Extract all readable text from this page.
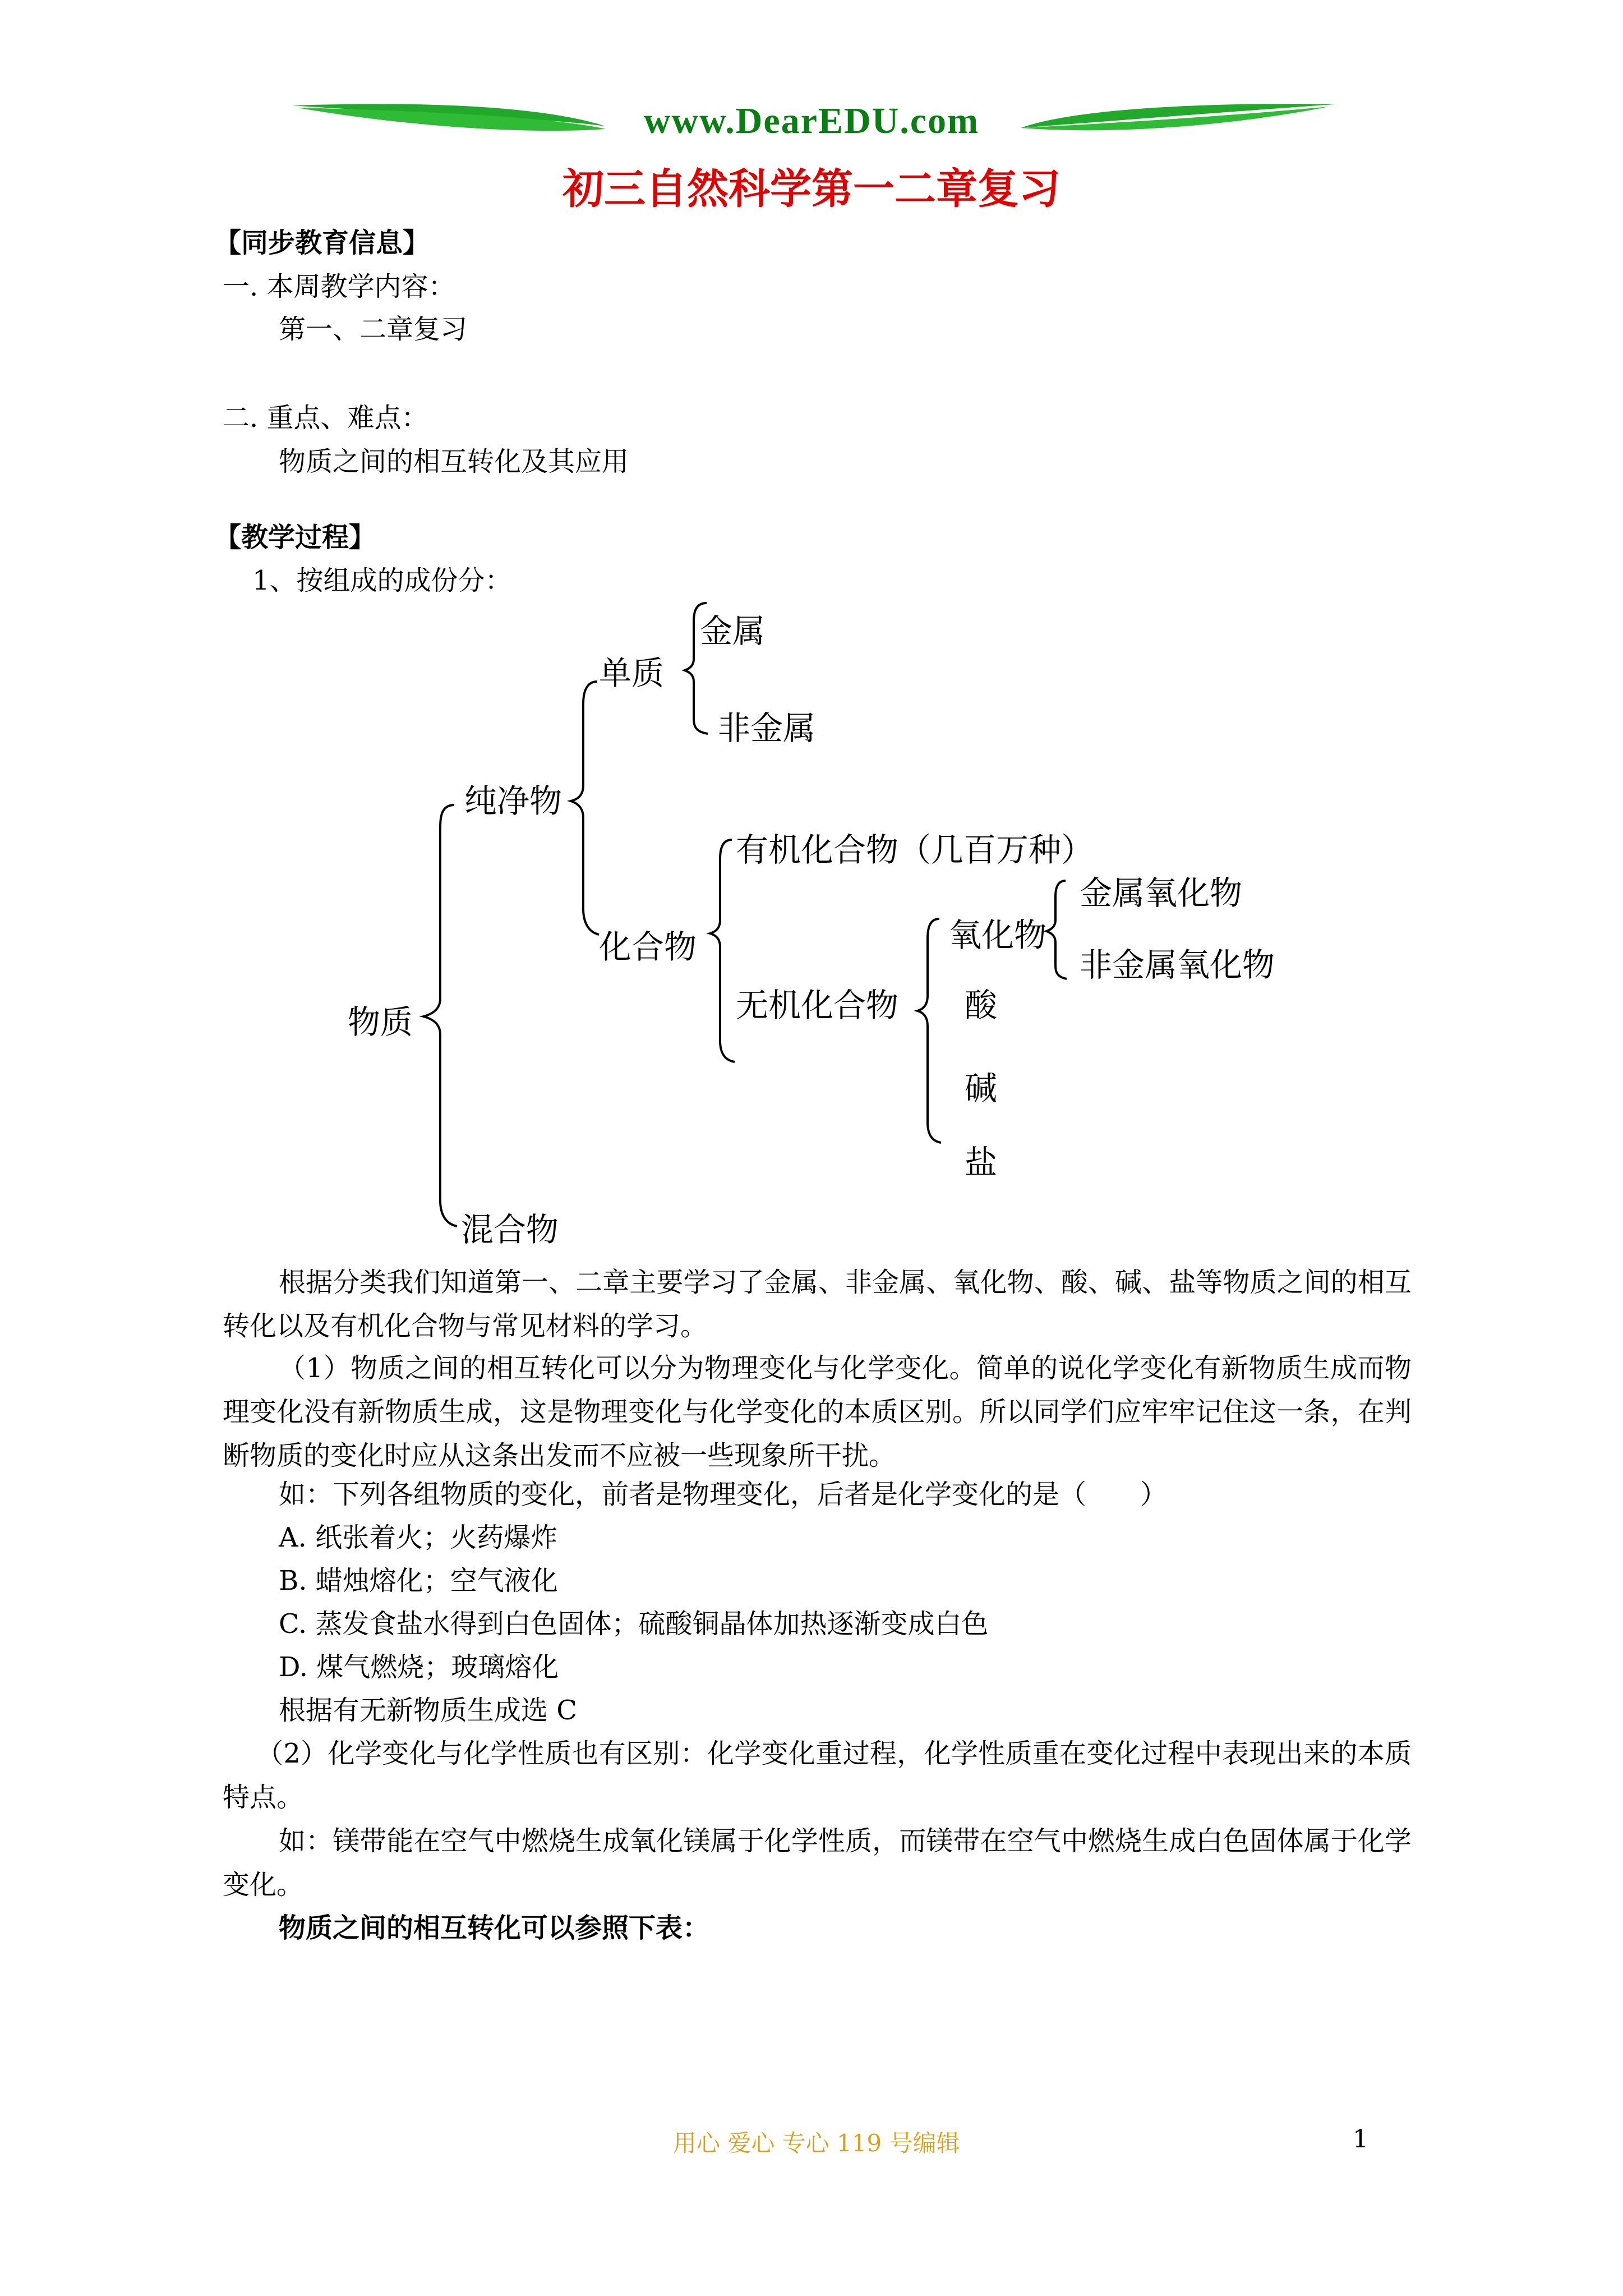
www.DearEDU.com
初三自然科学第一二章复习
【同步教育信息】
一. 本周教学内容：
第一、二章复习
二. 重点、难点：
物质之间的相互转化及其应用
【教学过程】
1、按组成的成份分：
物质
纯净物
混合物
单质
金属
非金属
化合物
有机化合物（几百万种）
无机化合物
氧化物
金属氧化物
非金属氧化物
酸
碱
盐
根据分类我们知道第一、二章主要学习了金属、非金属、氧化物、酸、碱、盐等物质之间的相互转化以及有机化合物与常见材料的学习。
（1）物质之间的相互转化可以分为物理变化与化学变化。简单的说化学变化有新物质生成而物理变化没有新物质生成，这是物理变化与化学变化的本质区别。所以同学们应牢牢记住这一条，在判断物质的变化时应从这条出发而不应被一些现象所干扰。
如：下列各组物质的变化，前者是物理变化，后者是化学变化的是（　　）
A. 纸张着火；火药爆炸
B. 蜡烛熔化；空气液化
C. 蒸发食盐水得到白色固体；硫酸铜晶体加热逐渐变成白色
D. 煤气燃烧；玻璃熔化
根据有无新物质生成选 C
（2）化学变化与化学性质也有区别：化学变化重过程，化学性质重在变化过程中表现出来的本质特点。
如：镁带能在空气中燃烧生成氧化镁属于化学性质，而镁带在空气中燃烧生成白色固体属于化学变化。
物质之间的相互转化可以参照下表：
用心 爱心 专心 119 号编辑	1
